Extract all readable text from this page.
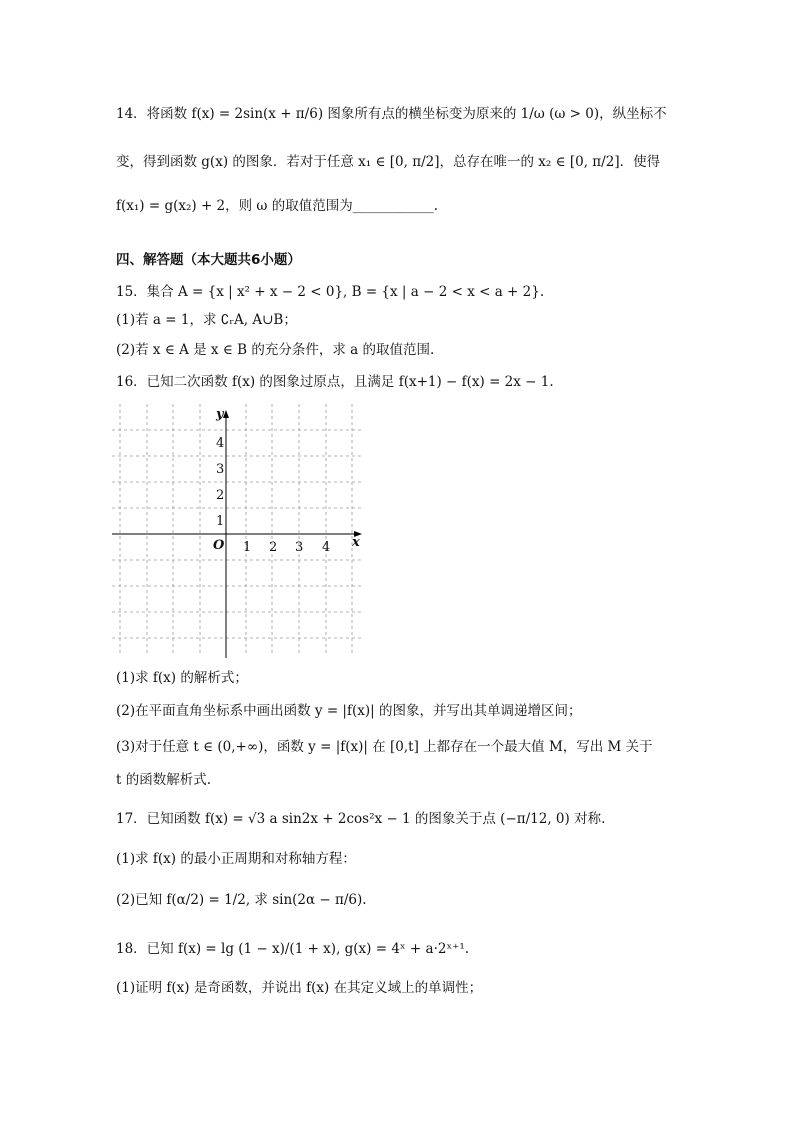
14．将函数 f(x) = 2sin(x + π/6) 图象所有点的横坐标变为原来的 1/ω (ω > 0)，纵坐标不
变，得到函数 g(x) 的图象．若对于任意 x₁ ∈ [0, π/2]，总存在唯一的 x₂ ∈ [0, π/2]．使得
f(x₁) = g(x₂) + 2，则 ω 的取值范围为____________.
四、解答题（本大题共6小题）
15．集合 A = {x | x² + x − 2 < 0}, B = {x | a − 2 < x < a + 2}.
(1)若 a = 1，求 ∁ᵣA, A∪B；
(2)若 x ∈ A 是 x ∈ B 的充分条件，求 a 的取值范围.
16．已知二次函数 f(x) 的图象过原点，且满足 f(x+1) − f(x) = 2x − 1.
x
y
O 1 2 3 4
1
2
3
4
(1)求 f(x) 的解析式；
(2)在平面直角坐标系中画出函数 y = |f(x)| 的图象，并写出其单调递增区间；
(3)对于任意 t ∈ (0,+∞)，函数 y = |f(x)| 在 [0,t] 上都存在一个最大值 M，写出 M 关于
t 的函数解析式.
17．已知函数 f(x) = √3 a sin2x + 2cos²x − 1 的图象关于点 (−π/12, 0) 对称.
(1)求 f(x) 的最小正周期和对称轴方程：
(2)已知 f(α/2) = 1/2, 求 sin(2α − π/6).
18．已知 f(x) = lg (1 − x)/(1 + x), g(x) = 4ˣ + a·2ˣ⁺¹.
(1)证明 f(x) 是奇函数，并说出 f(x) 在其定义域上的单调性；
